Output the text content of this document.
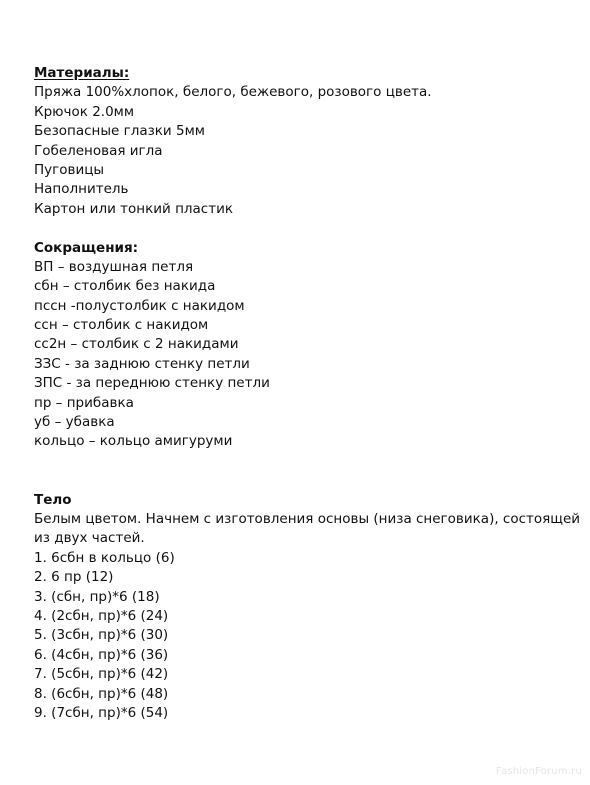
Материалы:
Пряжа 100%хлопок, белого, бежевого, розового цвета.
Крючок 2.0мм
Безопасные глазки 5мм
Гобеленовая игла
Пуговицы
Наполнитель
Картон или тонкий пластик
Сокращения:
ВП – воздушная петля
сбн – столбик без накида
пссн -полустолбик с накидом
ссн – столбик с накидом
сс2н – столбик с 2 накидами
ЗЗС - за заднюю стенку петли
ЗПС - за переднюю стенку петли
пр – прибавка
уб – убавка
кольцо – кольцо амигуруми
Тело
Белым цветом. Начнем с изготовления основы (низа снеговика), состоящей
из двух частей.
1. 6сбн в кольцо (6)
2. 6 пр (12)
3. (сбн, пр)*6 (18)
4. (2сбн, пр)*6 (24)
5. (3сбн, пр)*6 (30)
6. (4сбн, пр)*6 (36)
7. (5сбн, пр)*6 (42)
8. (6сбн, пр)*6 (48)
9. (7сбн, пр)*6 (54)
FashionForum.ru
